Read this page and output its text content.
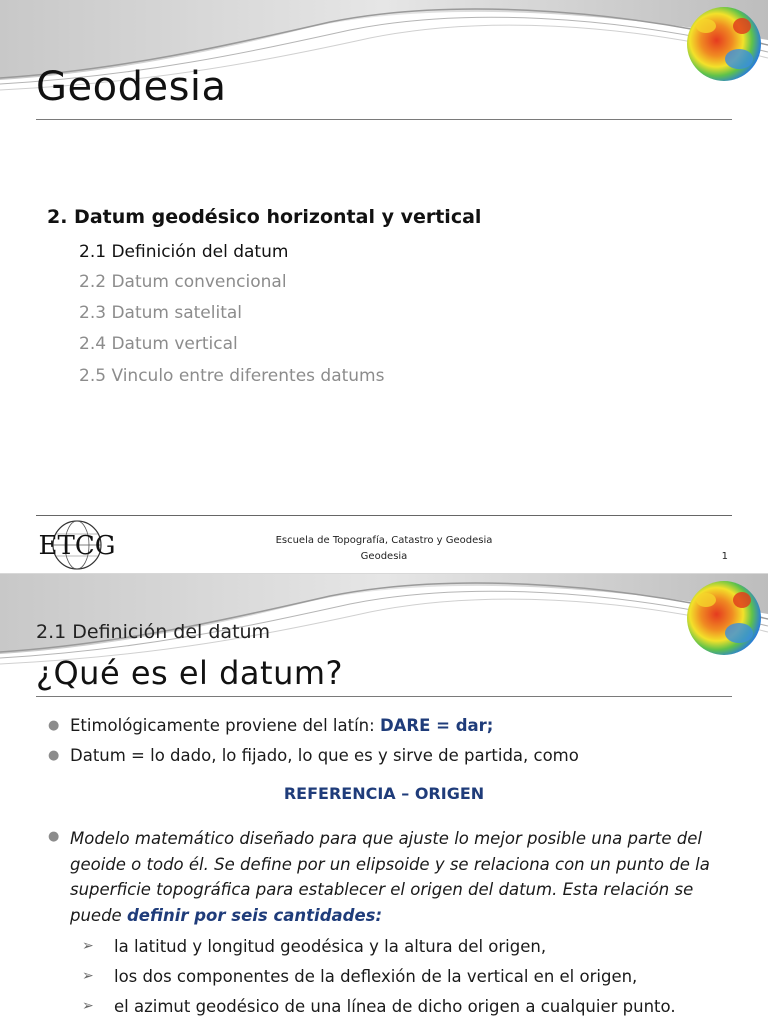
Geodesia
2. Datum geodésico horizontal y vertical
2.1 Definición del datum
2.2 Datum convencional
2.3 Datum satelital
2.4 Datum vertical
2.5 Vinculo entre diferentes datums
ETCG	Escuela de Topografía, Catastro y Geodesia
Geodesia	1
2.1 Definición del datum
¿Qué es el datum?
● Etimológicamente proviene del latín: DARE = dar;
● Datum = lo dado, lo fijado, lo que es y sirve de partida, como
REFERENCIA – ORIGEN
● Modelo matemático diseñado para que ajuste lo mejor posible una parte del geoide o todo él. Se define por un elipsoide y se relaciona con un punto de la superficie topográfica para establecer el origen del datum. Esta relación se puede definir por seis cantidades:
➢	la latitud y longitud geodésica y la altura del origen,
➢	los dos componentes de la deflexión de la vertical en el origen,
➢	el azimut geodésico de una línea de dicho origen a cualquier punto.
